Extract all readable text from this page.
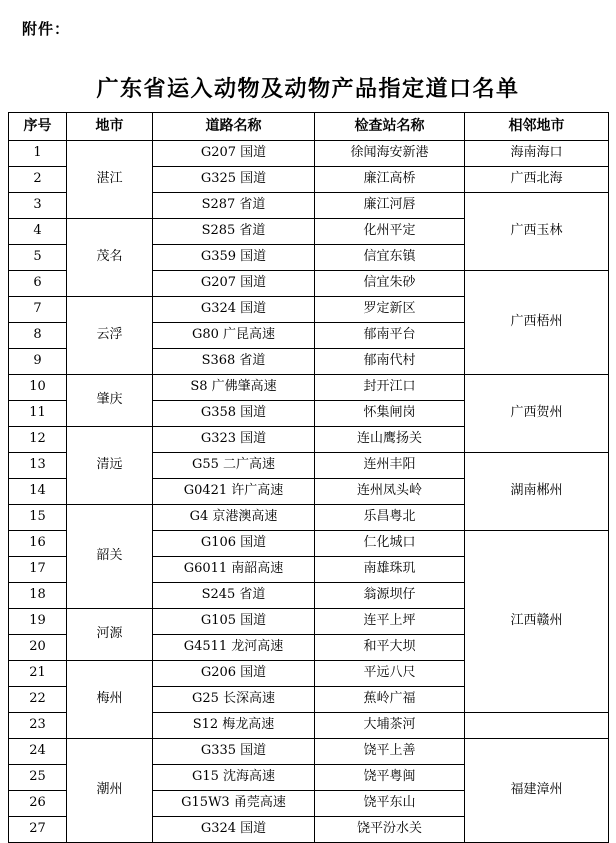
附件：
广东省运入动物及动物产品指定道口名单
序号	地市	道路名称	检查站名称	相邻地市	
1	湛江	G207 国道	徐闻海安新港	海南海口	
2		G325 国道	廉江高桥	广西北海	
3		S287 省道	廉江河唇	广西玉林	
4	茂名	S285 省道	化州平定		
5		G359 国道	信宜东镇		
6		G207 国道	信宜朱砂	广西梧州	
7	云浮	G324 国道	罗定新区		
8		G80 广昆高速	郁南平台		
9		S368 省道	郁南代村		
10	肇庆	S8 广佛肇高速	封开江口	广西贺州	
11		G358 国道	怀集闸岗		
12	清远	G323 国道	连山鹰扬关		
13		G55 二广高速	连州丰阳	湖南郴州	
14		G0421 许广高速	连州凤头岭		
15	韶关	G4 京港澳高速	乐昌粤北		
16		G106 国道	仁化城口	江西赣州	
17		G6011 南韶高速	南雄珠玑		
18		S245 省道	翁源坝仔		
19	河源	G105 国道	连平上坪		
20		G4511 龙河高速	和平大坝		
21	梅州	G206 国道	平远八尺		
22		G25 长深高速	蕉岭广福	
23		S12 梅龙高速	大埔茶河		
24	潮州	G335 国道	饶平上善	福建漳州	
25		G15 沈海高速	饶平粤闽		
26		G15W3 甬莞高速	饶平东山		
27		G324 国道	饶平汾水关		
